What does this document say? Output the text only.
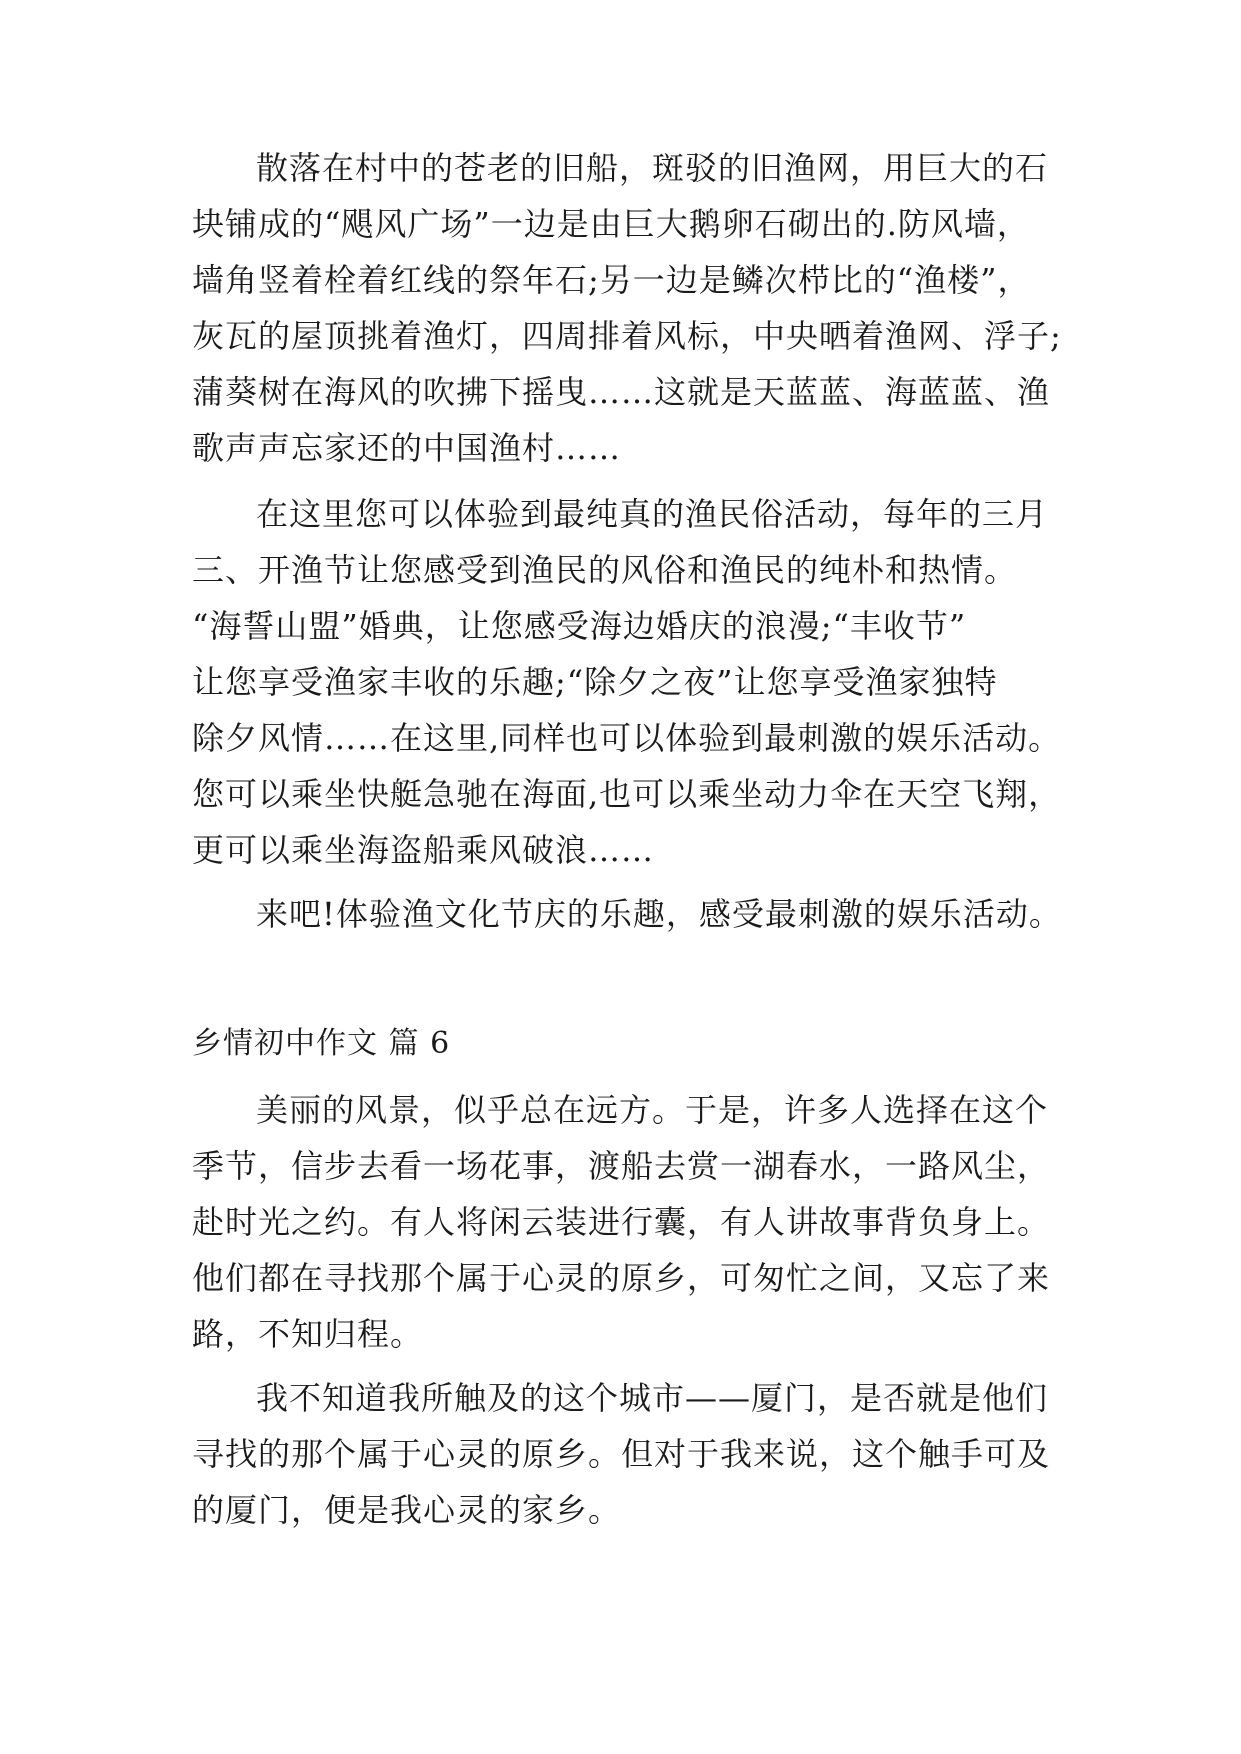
散落在村中的苍老的旧船，斑驳的旧渔网，用巨大的石
块铺成的“飓风广场”一边是由巨大鹅卵石砌出的.防风墙，
墙角竖着栓着红线的祭年石;另一边是鳞次栉比的“渔楼”，
灰瓦的屋顶挑着渔灯，四周排着风标，中央晒着渔网、浮子;
蒲葵树在海风的吹拂下摇曳……这就是天蓝蓝、海蓝蓝、渔
歌声声忘家还的中国渔村……
在这里您可以体验到最纯真的渔民俗活动，每年的三月
三、开渔节让您感受到渔民的风俗和渔民的纯朴和热情。
“海誓山盟”婚典，让您感受海边婚庆的浪漫;“丰收节”
让您享受渔家丰收的乐趣;“除夕之夜”让您享受渔家独特
除夕风情……在这里,同样也可以体验到最刺激的娱乐活动。
您可以乘坐快艇急驰在海面,也可以乘坐动力伞在天空飞翔，
更可以乘坐海盗船乘风破浪……
来吧!体验渔文化节庆的乐趣，感受最刺激的娱乐活动。
乡情初中作文 篇 6
美丽的风景，似乎总在远方。于是，许多人选择在这个
季节，信步去看一场花事，渡船去赏一湖春水，一路风尘，
赴时光之约。有人将闲云装进行囊，有人讲故事背负身上。
他们都在寻找那个属于心灵的原乡，可匆忙之间，又忘了来
路，不知归程。
我不知道我所触及的这个城市——厦门，是否就是他们
寻找的那个属于心灵的原乡。但对于我来说，这个触手可及
的厦门，便是我心灵的家乡。
